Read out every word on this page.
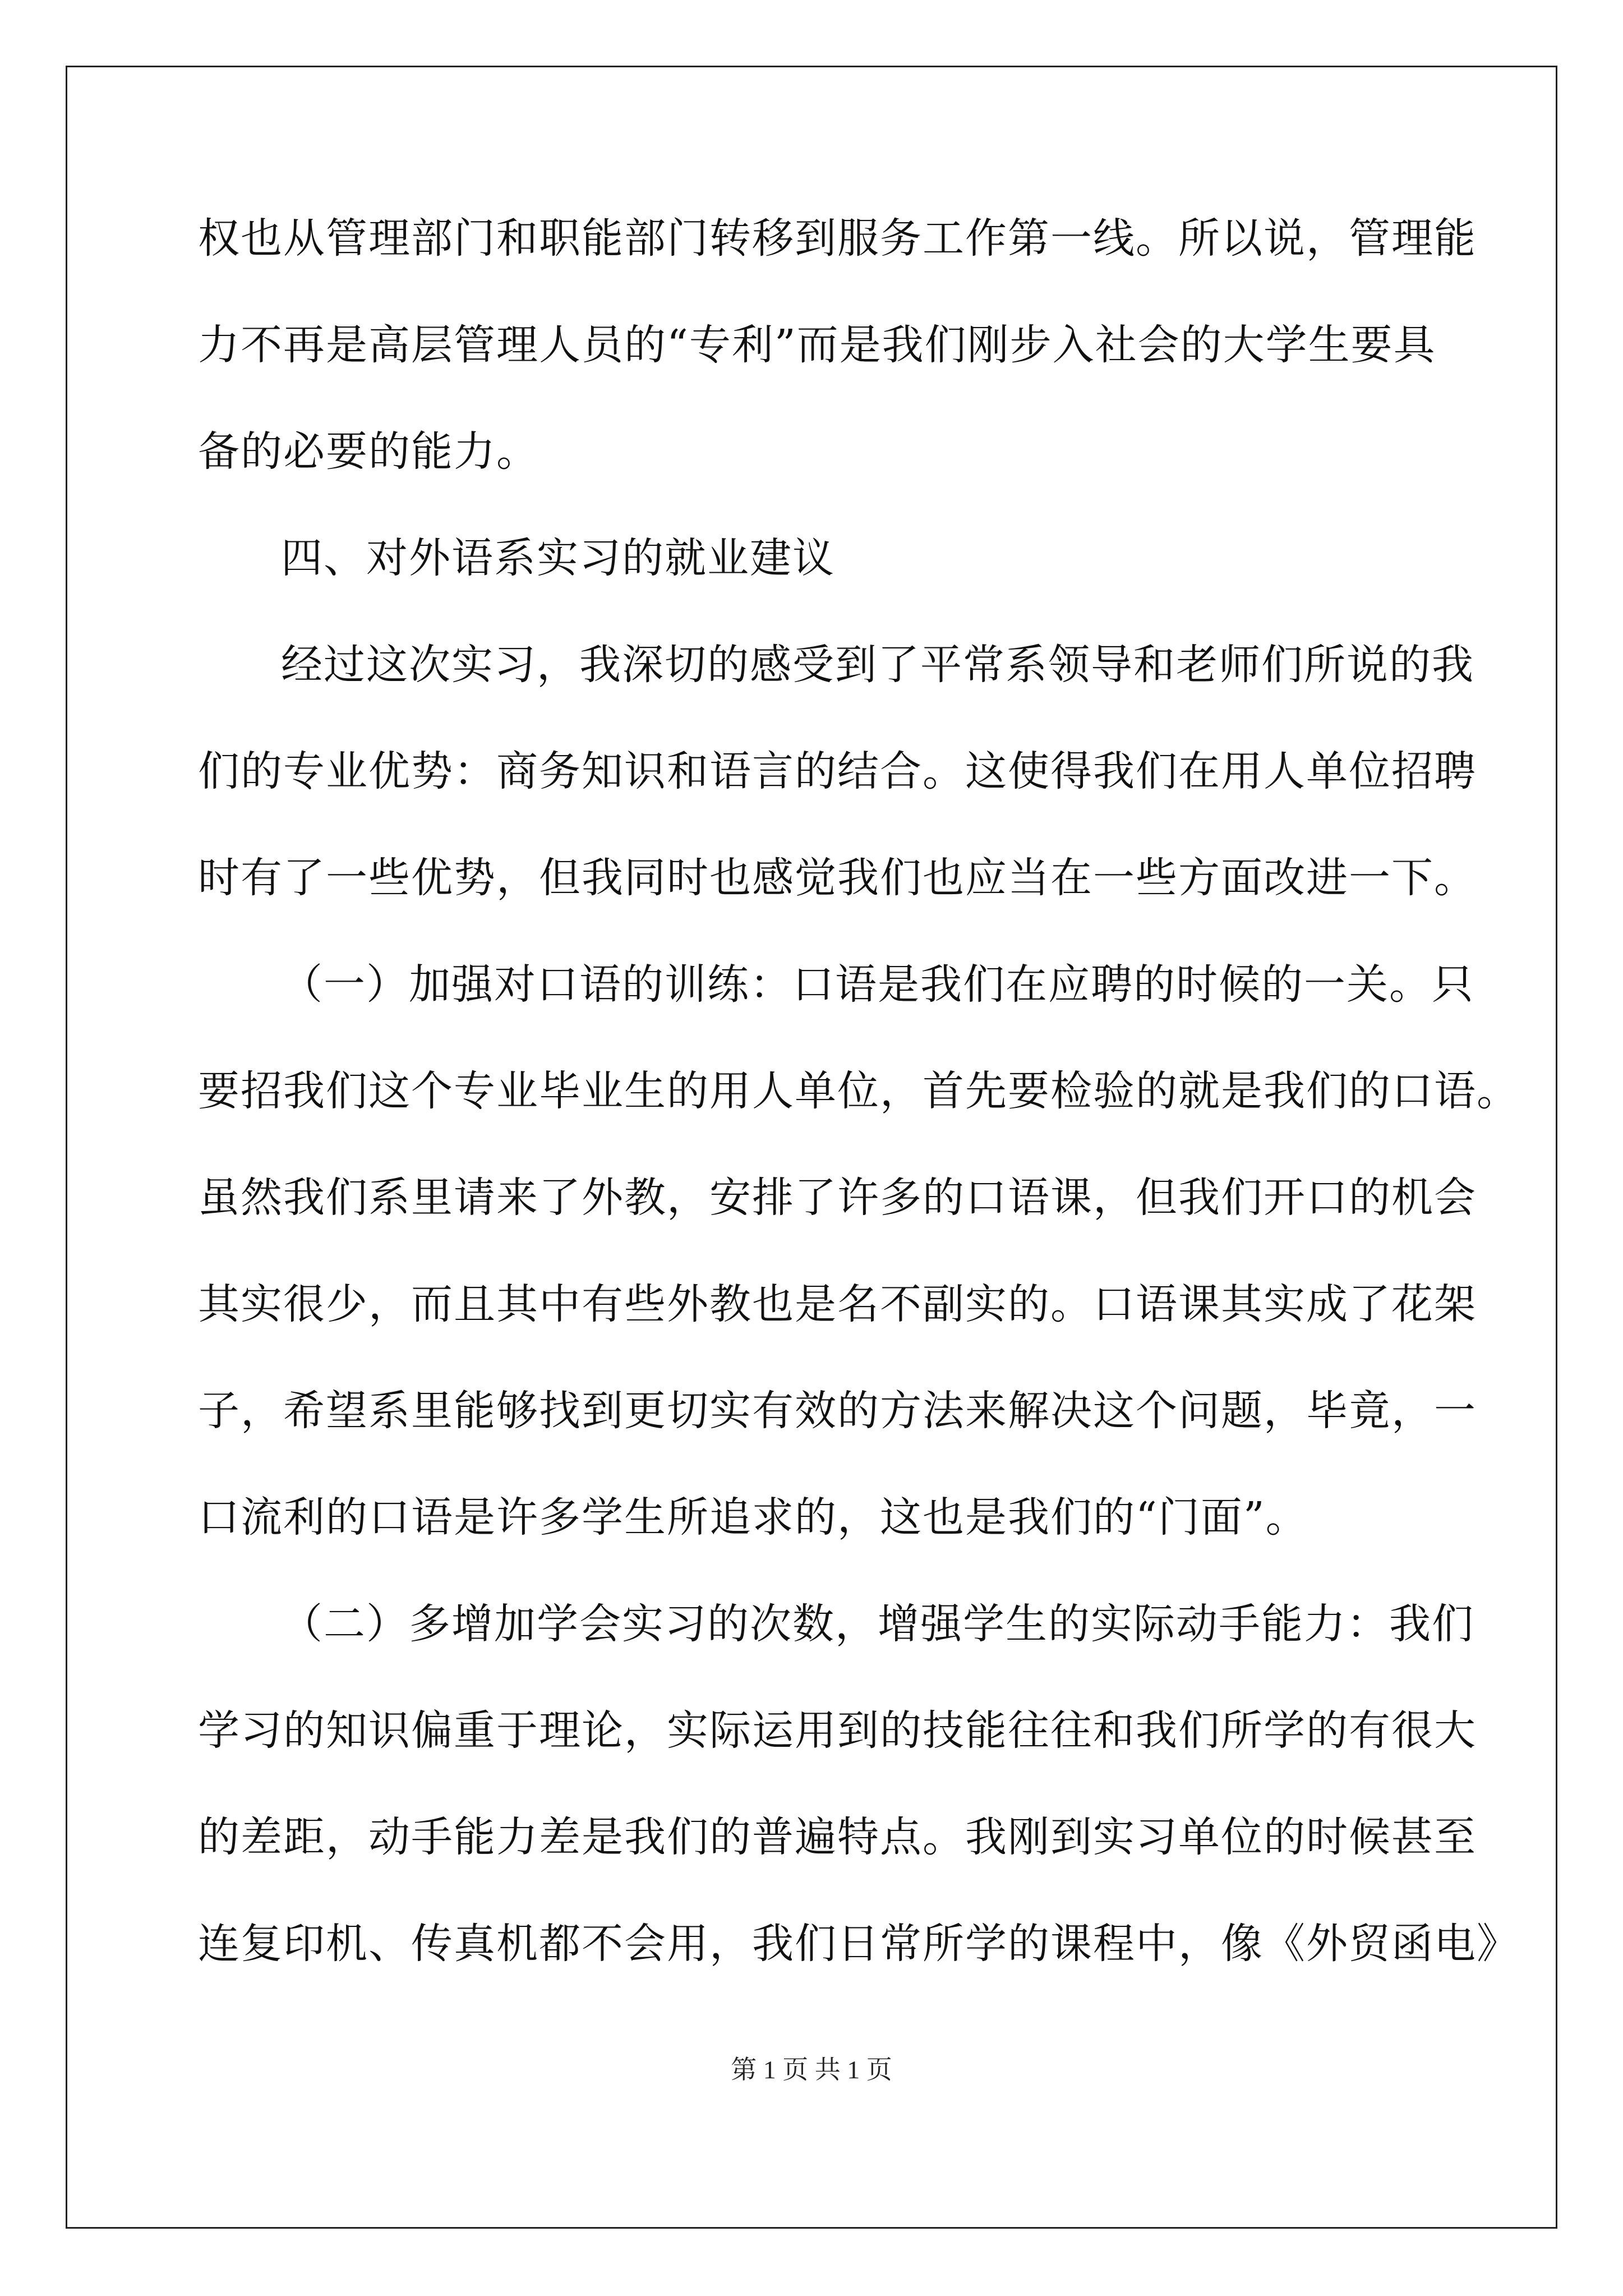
权也从管理部门和职能部门转移到服务工作第一线。所以说，管理能
力不再是高层管理人员的“专利”而是我们刚步入社会的大学生要具
备的必要的能力。
四、对外语系实习的就业建议
经过这次实习，我深切的感受到了平常系领导和老师们所说的我
们的专业优势：商务知识和语言的结合。这使得我们在用人单位招聘
时有了一些优势，但我同时也感觉我们也应当在一些方面改进一下。
（一）加强对口语的训练：口语是我们在应聘的时候的一关。只
要招我们这个专业毕业生的用人单位，首先要检验的就是我们的口语。
虽然我们系里请来了外教，安排了许多的口语课，但我们开口的机会
其实很少，而且其中有些外教也是名不副实的。口语课其实成了花架
子，希望系里能够找到更切实有效的方法来解决这个问题，毕竟，一
口流利的口语是许多学生所追求的，这也是我们的“门面”。
（二）多增加学会实习的次数，增强学生的实际动手能力：我们
学习的知识偏重于理论，实际运用到的技能往往和我们所学的有很大
的差距，动手能力差是我们的普遍特点。我刚到实习单位的时候甚至
连复印机、传真机都不会用，我们日常所学的课程中，像《外贸函电》
第 1 页 共 1 页
